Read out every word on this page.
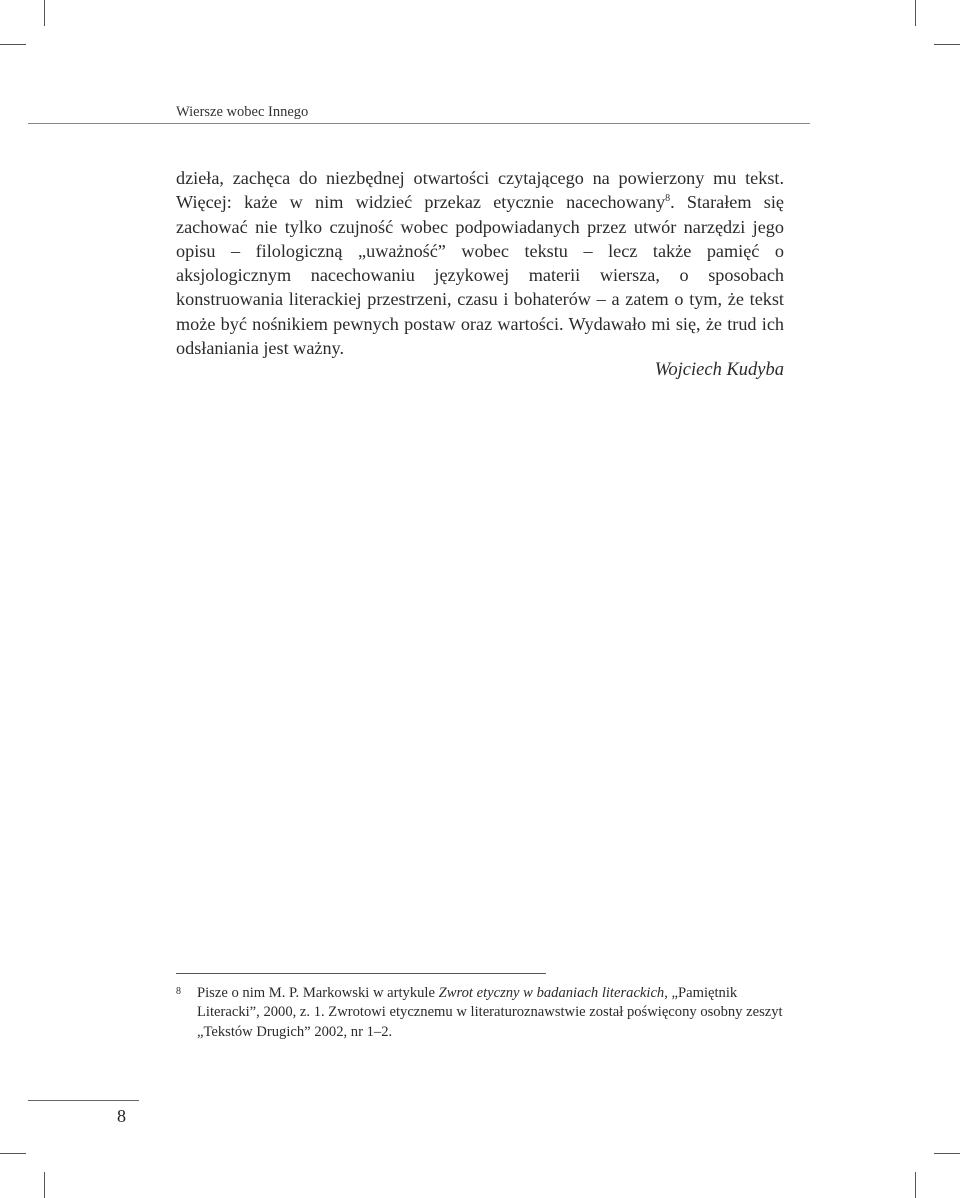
Wiersze wobec Innego

dzieła, zachęca do niezbędnej otwartości czytającego na powierzony mu tekst. Więcej: każe w nim widzieć przekaz etycznie nacechowany$^8$. Starałem się zachować nie tylko czujność wobec podpowiadanych przez utwór narzędzi jego opisu – filologiczną „uważność” wobec tekstu – lecz także pamięć o aksjologicznym nacechowaniu językowej materii wiersza, o sposobach konstruowania literackiej przestrzeni, czasu i bohaterów – a zatem o tym, że tekst może być nośnikiem pewnych postaw oraz wartości. Wydawało mi się, że trud ich odsłaniania jest ważny.

Wojciech Kudyba
8 Pisze o nim M. P. Markowski w artykule Zwrot etyczny w badaniach literackich, „Pamiętnik Literacki”, 2000, z. 1. Zwrotowi etycznemu w literaturoznawstwie został poświęcony osobny zeszyt „Tekstów Drugich” 2002, nr 1–2.
8
